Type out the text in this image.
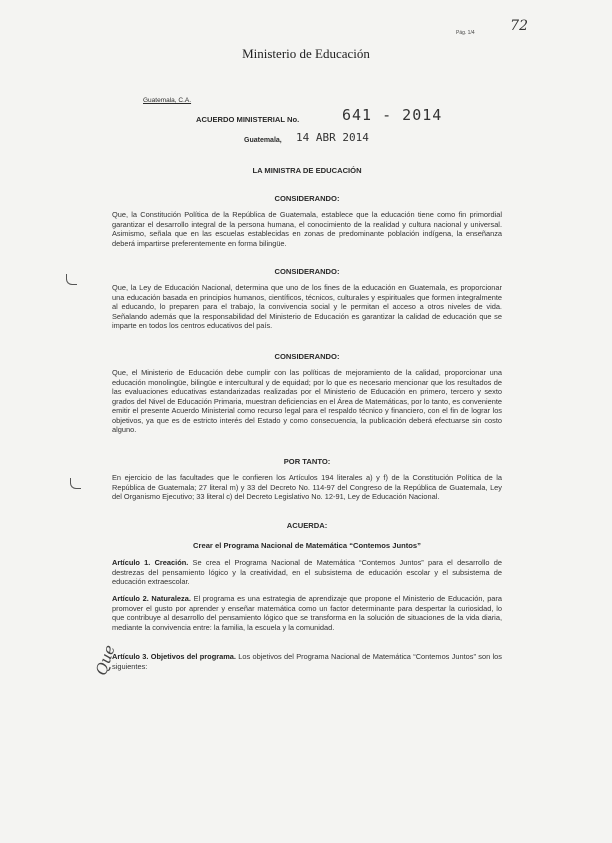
72
Pág. 1/4
Ministerio de Educación
Guatemala, C.A.
ACUERDO MINISTERIAL No.	641 - 2014
Guatemala, 14 ABR 2014
LA MINISTRA DE EDUCACIÓN
CONSIDERANDO:
Que, la Constitución Política de la República de Guatemala, establece que la educación tiene como fin primordial garantizar el desarrollo integral de la persona humana, el conocimiento de la realidad y cultura nacional y universal. Asimismo, señala que en las escuelas establecidas en zonas de predominante población indígena, la enseñanza deberá impartirse preferentemente en forma bilingüe.
CONSIDERANDO:
Que, la Ley de Educación Nacional, determina que uno de los fines de la educación en Guatemala, es proporcionar una educación basada en principios humanos, científicos, técnicos, culturales y espirituales que formen integralmente al educando, lo preparen para el trabajo, la convivencia social y le permitan el acceso a otros niveles de vida. Señalando además que la responsabilidad del Ministerio de Educación es garantizar la calidad de educación que se imparte en todos los centros educativos del país.
CONSIDERANDO:
Que, el Ministerio de Educación debe cumplir con las políticas de mejoramiento de la calidad, proporcionar una educación monolingüe, bilingüe e intercultural y de equidad; por lo que es necesario mencionar que los resultados de las evaluaciones educativas estandarizadas realizadas por el Ministerio de Educación en primero, tercero y sexto grados del Nivel de Educación Primaria, muestran deficiencias en el Área de Matemáticas, por lo tanto, es conveniente emitir el presente Acuerdo Ministerial como recurso legal para el respaldo técnico y financiero, con el fin de lograr los objetivos, ya que es de estricto interés del Estado y como consecuencia, la publicación deberá efectuarse sin costo alguno.
POR TANTO:
En ejercicio de las facultades que le confieren los Artículos 194 literales a) y f) de la Constitución Política de la República de Guatemala; 27 literal m) y 33 del Decreto No. 114-97 del Congreso de la República de Guatemala, Ley del Organismo Ejecutivo; 33 literal c) del Decreto Legislativo No. 12-91, Ley de Educación Nacional.
ACUERDA:
Crear el Programa Nacional de Matemática “Contemos Juntos”
Artículo 1. Creación. Se crea el Programa Nacional de Matemática “Contemos Juntos” para el desarrollo de destrezas del pensamiento lógico y la creatividad, en el subsistema de educación escolar y el subsistema de educación extraescolar.
Artículo 2. Naturaleza. El programa es una estrategia de aprendizaje que propone el Ministerio de Educación, para promover el gusto por aprender y enseñar matemática como un factor determinante para despertar la curiosidad, lo que contribuye al desarrollo del pensamiento lógico que se transforma en la solución de situaciones de la vida diaria, mediante la convivencia entre: la familia, la escuela y la comunidad.
Artículo 3. Objetivos del programa. Los objetivos del Programa Nacional de Matemática “Contemos Juntos” son los siguientes:
Que
